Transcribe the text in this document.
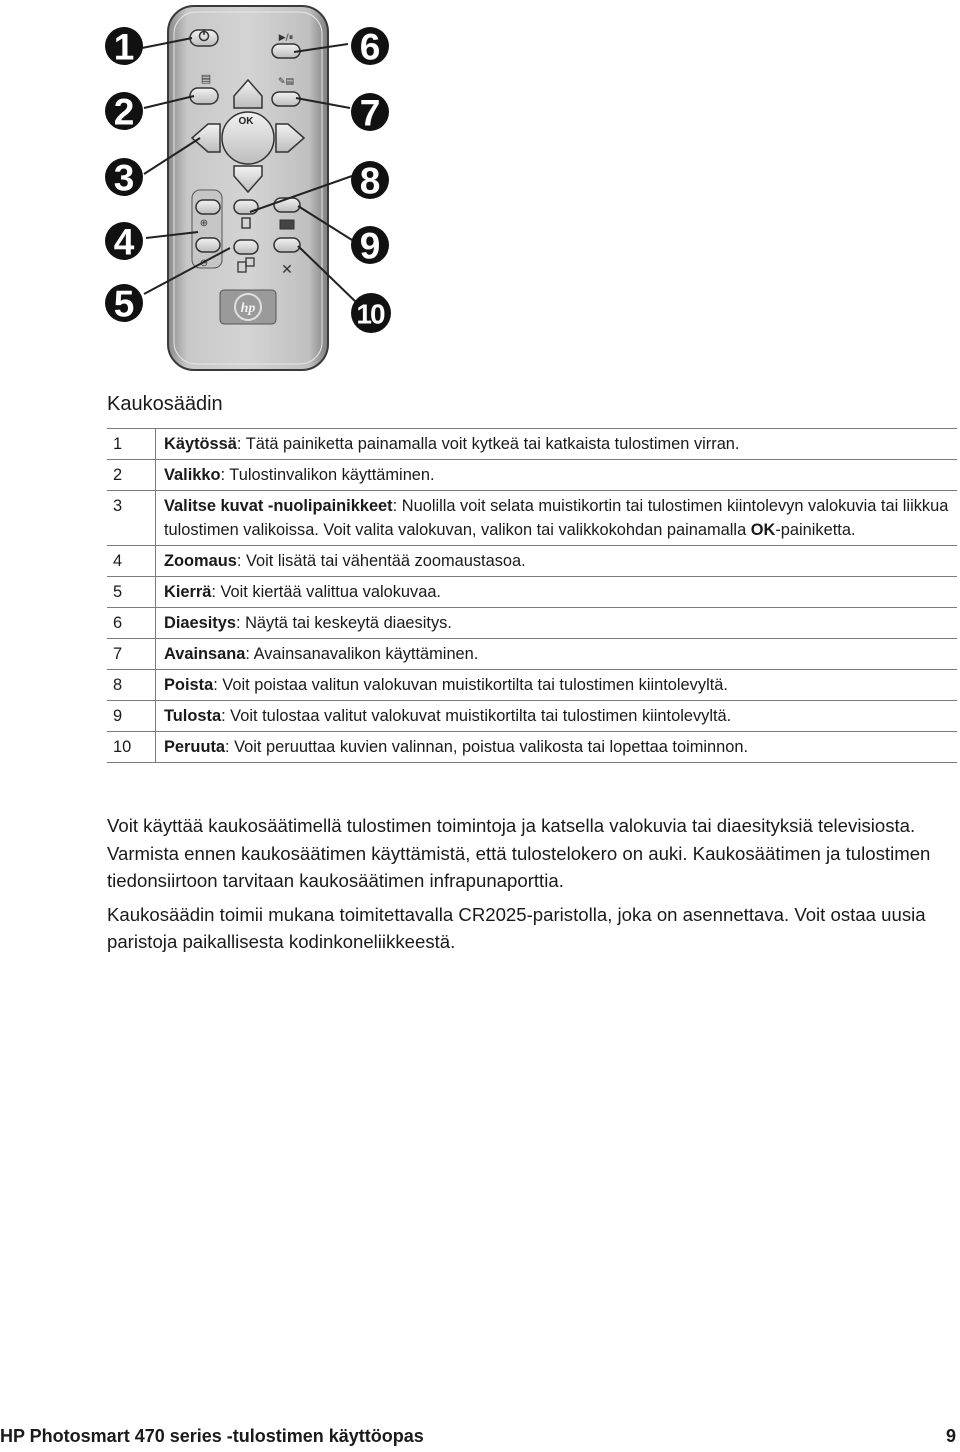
▶/⏸
▤	✎▤
OK
⊕
⊖	✕
hp
1
2
3
4
5
6
7
8
9
10
Kaukosäädin
1	Käytössä: Tätä painiketta painamalla voit kytkeä tai katkaista tulostimen virran.
2	Valikko: Tulostinvalikon käyttäminen.
3	Valitse kuvat -nuolipainikkeet: Nuolilla voit selata muistikortin tai tulostimen kiintolevyn valokuvia tai liikkua tulostimen valikoissa. Voit valita valokuvan, valikon tai valikkokohdan painamalla OK-painiketta.
4	Zoomaus: Voit lisätä tai vähentää zoomaustasoa.
5	Kierrä: Voit kiertää valittua valokuvaa.
6	Diaesitys: Näytä tai keskeytä diaesitys.
7	Avainsana: Avainsanavalikon käyttäminen.
8	Poista: Voit poistaa valitun valokuvan muistikortilta tai tulostimen kiintolevyltä.
9	Tulosta: Voit tulostaa valitut valokuvat muistikortilta tai tulostimen kiintolevyltä.
10	Peruuta: Voit peruuttaa kuvien valinnan, poistua valikosta tai lopettaa toiminnon.

Voit käyttää kaukosäätimellä tulostimen toimintoja ja katsella valokuvia tai diaesityksiä televisiosta. Varmista ennen kaukosäätimen käyttämistä, että tulostelokero on auki. Kaukosäätimen ja tulostimen tiedonsiirtoon tarvitaan kaukosäätimen infrapunaporttia.

Kaukosäädin toimii mukana toimitettavalla CR2025-paristolla, joka on asennettava. Voit ostaa uusia paristoja paikallisesta kodinkoneliikkeestä.

HP Photosmart 470 series -tulostimen käyttöopas	9
